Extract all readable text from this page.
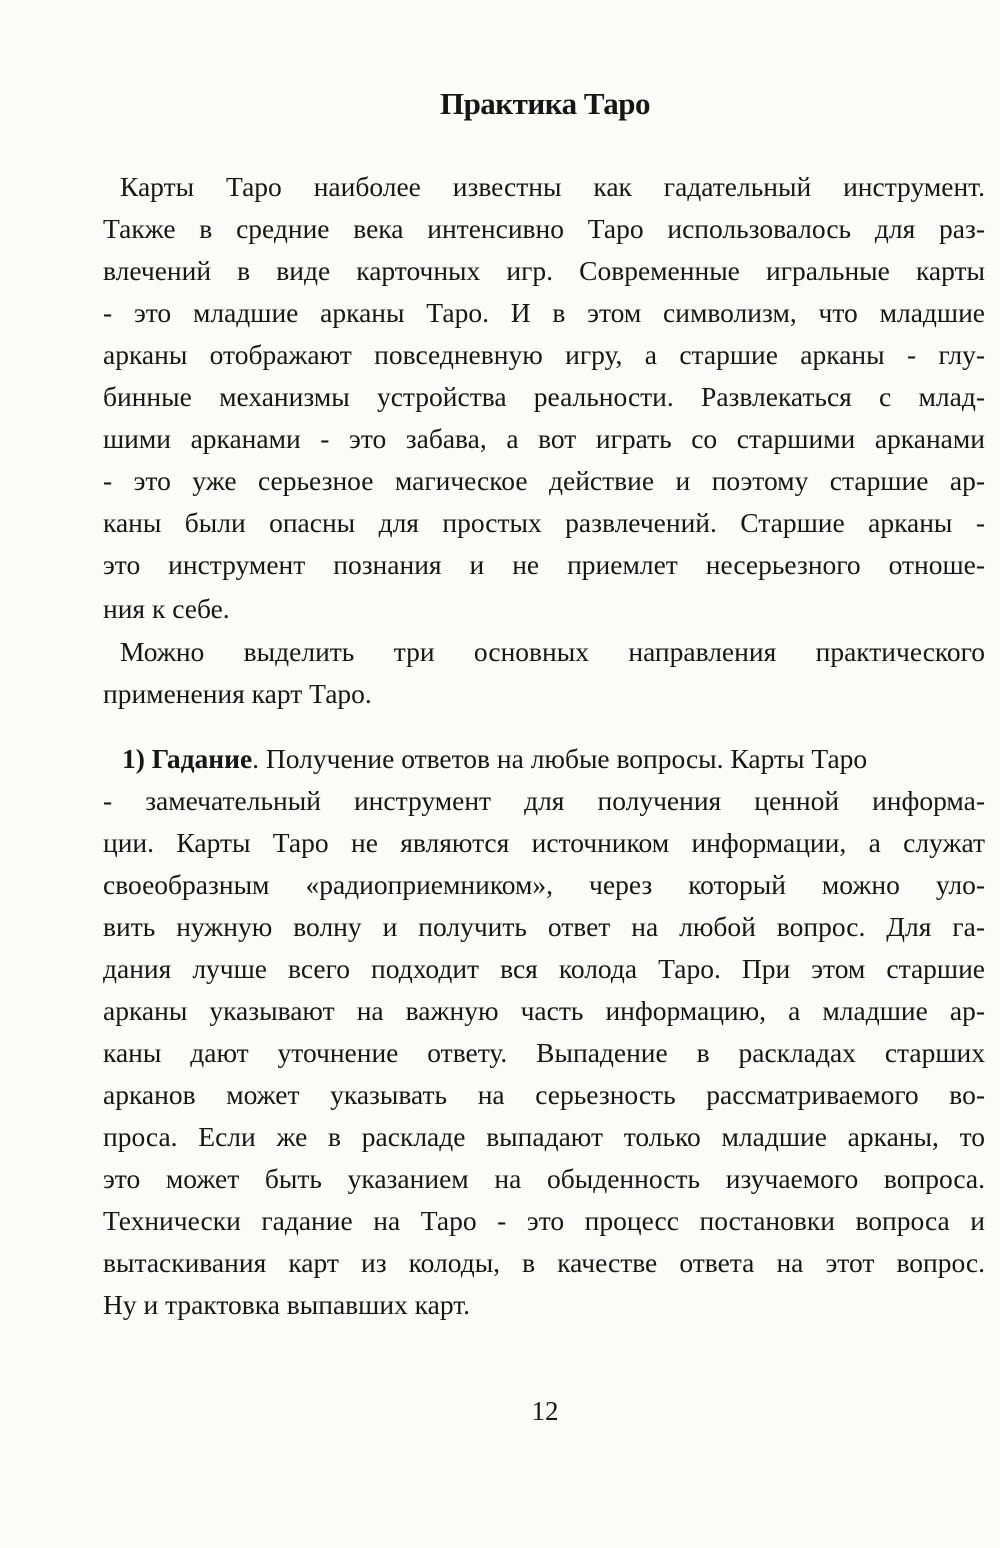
Практика Таро
Карты Таро наиболее известны как гадательный инструмент.
Также в средние века интенсивно Таро использовалось для раз-
влечений в виде карточных игр. Современные игральные карты
- это младшие арканы Таро. И в этом символизм, что младшие
арканы отображают повседневную игру, а старшие арканы - глу-
бинные механизмы устройства реальности. Развлекаться с млад-
шими арканами - это забава, а вот играть со старшими арканами
- это уже серьезное магическое действие и поэтому старшие ар-
каны были опасны для простых развлечений. Старшие арканы -
это инструмент познания и не приемлет несерьезного отноше-
ния к себе.
Можно выделить три основных направления практического
применения карт Таро.
1) Гадание. Получение ответов на любые вопросы. Карты Таро
- замечательный инструмент для получения ценной информа-
ции. Карты Таро не являются источником информации, а служат
своеобразным «радиоприемником», через который можно уло-
вить нужную волну и получить ответ на любой вопрос. Для га-
дания лучше всего подходит вся колода Таро. При этом старшие
арканы указывают на важную часть информацию, а младшие ар-
каны дают уточнение ответу. Выпадение в раскладах старших
арканов может указывать на серьезность рассматриваемого во-
проса. Если же в раскладе выпадают только младшие арканы, то
это может быть указанием на обыденность изучаемого вопроса.
Технически гадание на Таро - это процесс постановки вопроса и
вытаскивания карт из колоды, в качестве ответа на этот вопрос.
Ну и трактовка выпавших карт.
12
